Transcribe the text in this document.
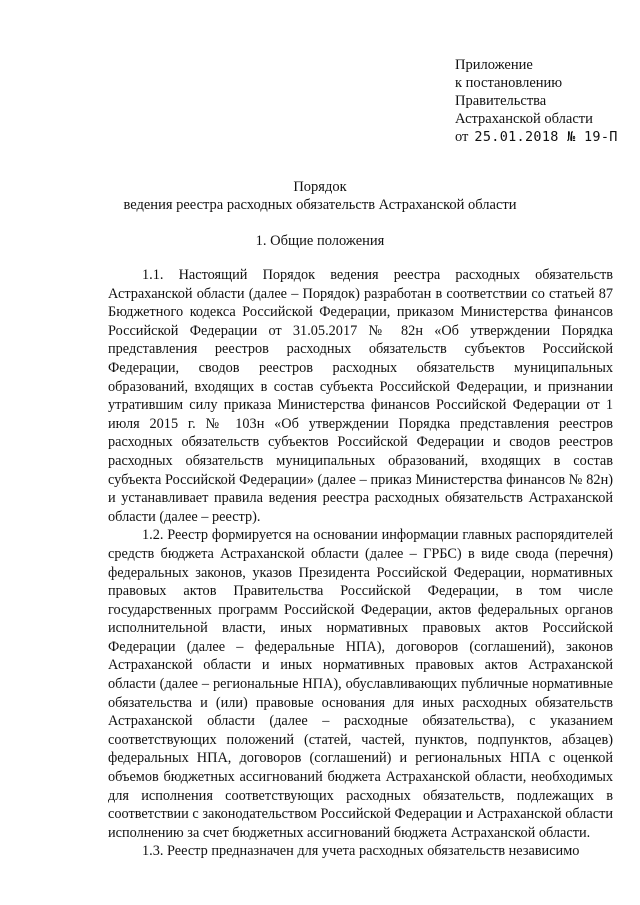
Приложение
к постановлению
Правительства
Астраханской области
от 25.01.2018 № 19-П
Порядок
ведения реестра расходных обязательств Астраханской области
1. Общие положения

1.1. Настоящий Порядок ведения реестра расходных обязательств Астраханской области (далее – Порядок) разработан в соответствии со статьей 87 Бюджетного кодекса Российской Федерации, приказом Министерства финансов Российской Федерации от 31.05.2017 № 82н «Об утверждении Порядка представления реестров расходных обязательств субъектов Российской Федерации, сводов реестров расходных обязательств муниципальных образований, входящих в состав субъекта Российской Федерации, и признании утратившим силу приказа Министерства финансов Российской Федерации от 1 июля 2015 г. № 103н «Об утверждении Порядка представления реестров расходных обязательств субъектов Российской Федерации и сводов реестров расходных обязательств муниципальных образований, входящих в состав субъекта Российской Федерации» (далее – приказ Министерства финансов № 82н) и устанавливает правила ведения реестра расходных обязательств Астраханской области (далее – реестр).

1.2. Реестр формируется на основании информации главных распорядителей средств бюджета Астраханской области (далее – ГРБС) в виде свода (перечня) федеральных законов, указов Президента Российской Федерации, нормативных правовых актов Правительства Российской Федерации, в том числе государственных программ Российской Федерации, актов федеральных органов исполнительной власти, иных нормативных правовых актов Российской Федерации (далее – федеральные НПА), договоров (соглашений), законов Астраханской области и иных нормативных правовых актов Астраханской области (далее – региональные НПА), обуславливающих публичные нормативные обязательства и (или) правовые основания для иных расходных обязательств Астраханской области (далее – расходные обязательства), с указанием соответствующих положений (статей, частей, пунктов, подпунктов, абзацев) федеральных НПА, договоров (соглашений) и региональных НПА с оценкой объемов бюджетных ассигнований бюджета Астраханской области, необходимых для исполнения соответствующих расходных обязательств, подлежащих в соответствии с законодательством Российской Федерации и Астраханской области исполнению за счет бюджетных ассигнований бюджета Астраханской области.

1.3. Реестр предназначен для учета расходных обязательств независимо
